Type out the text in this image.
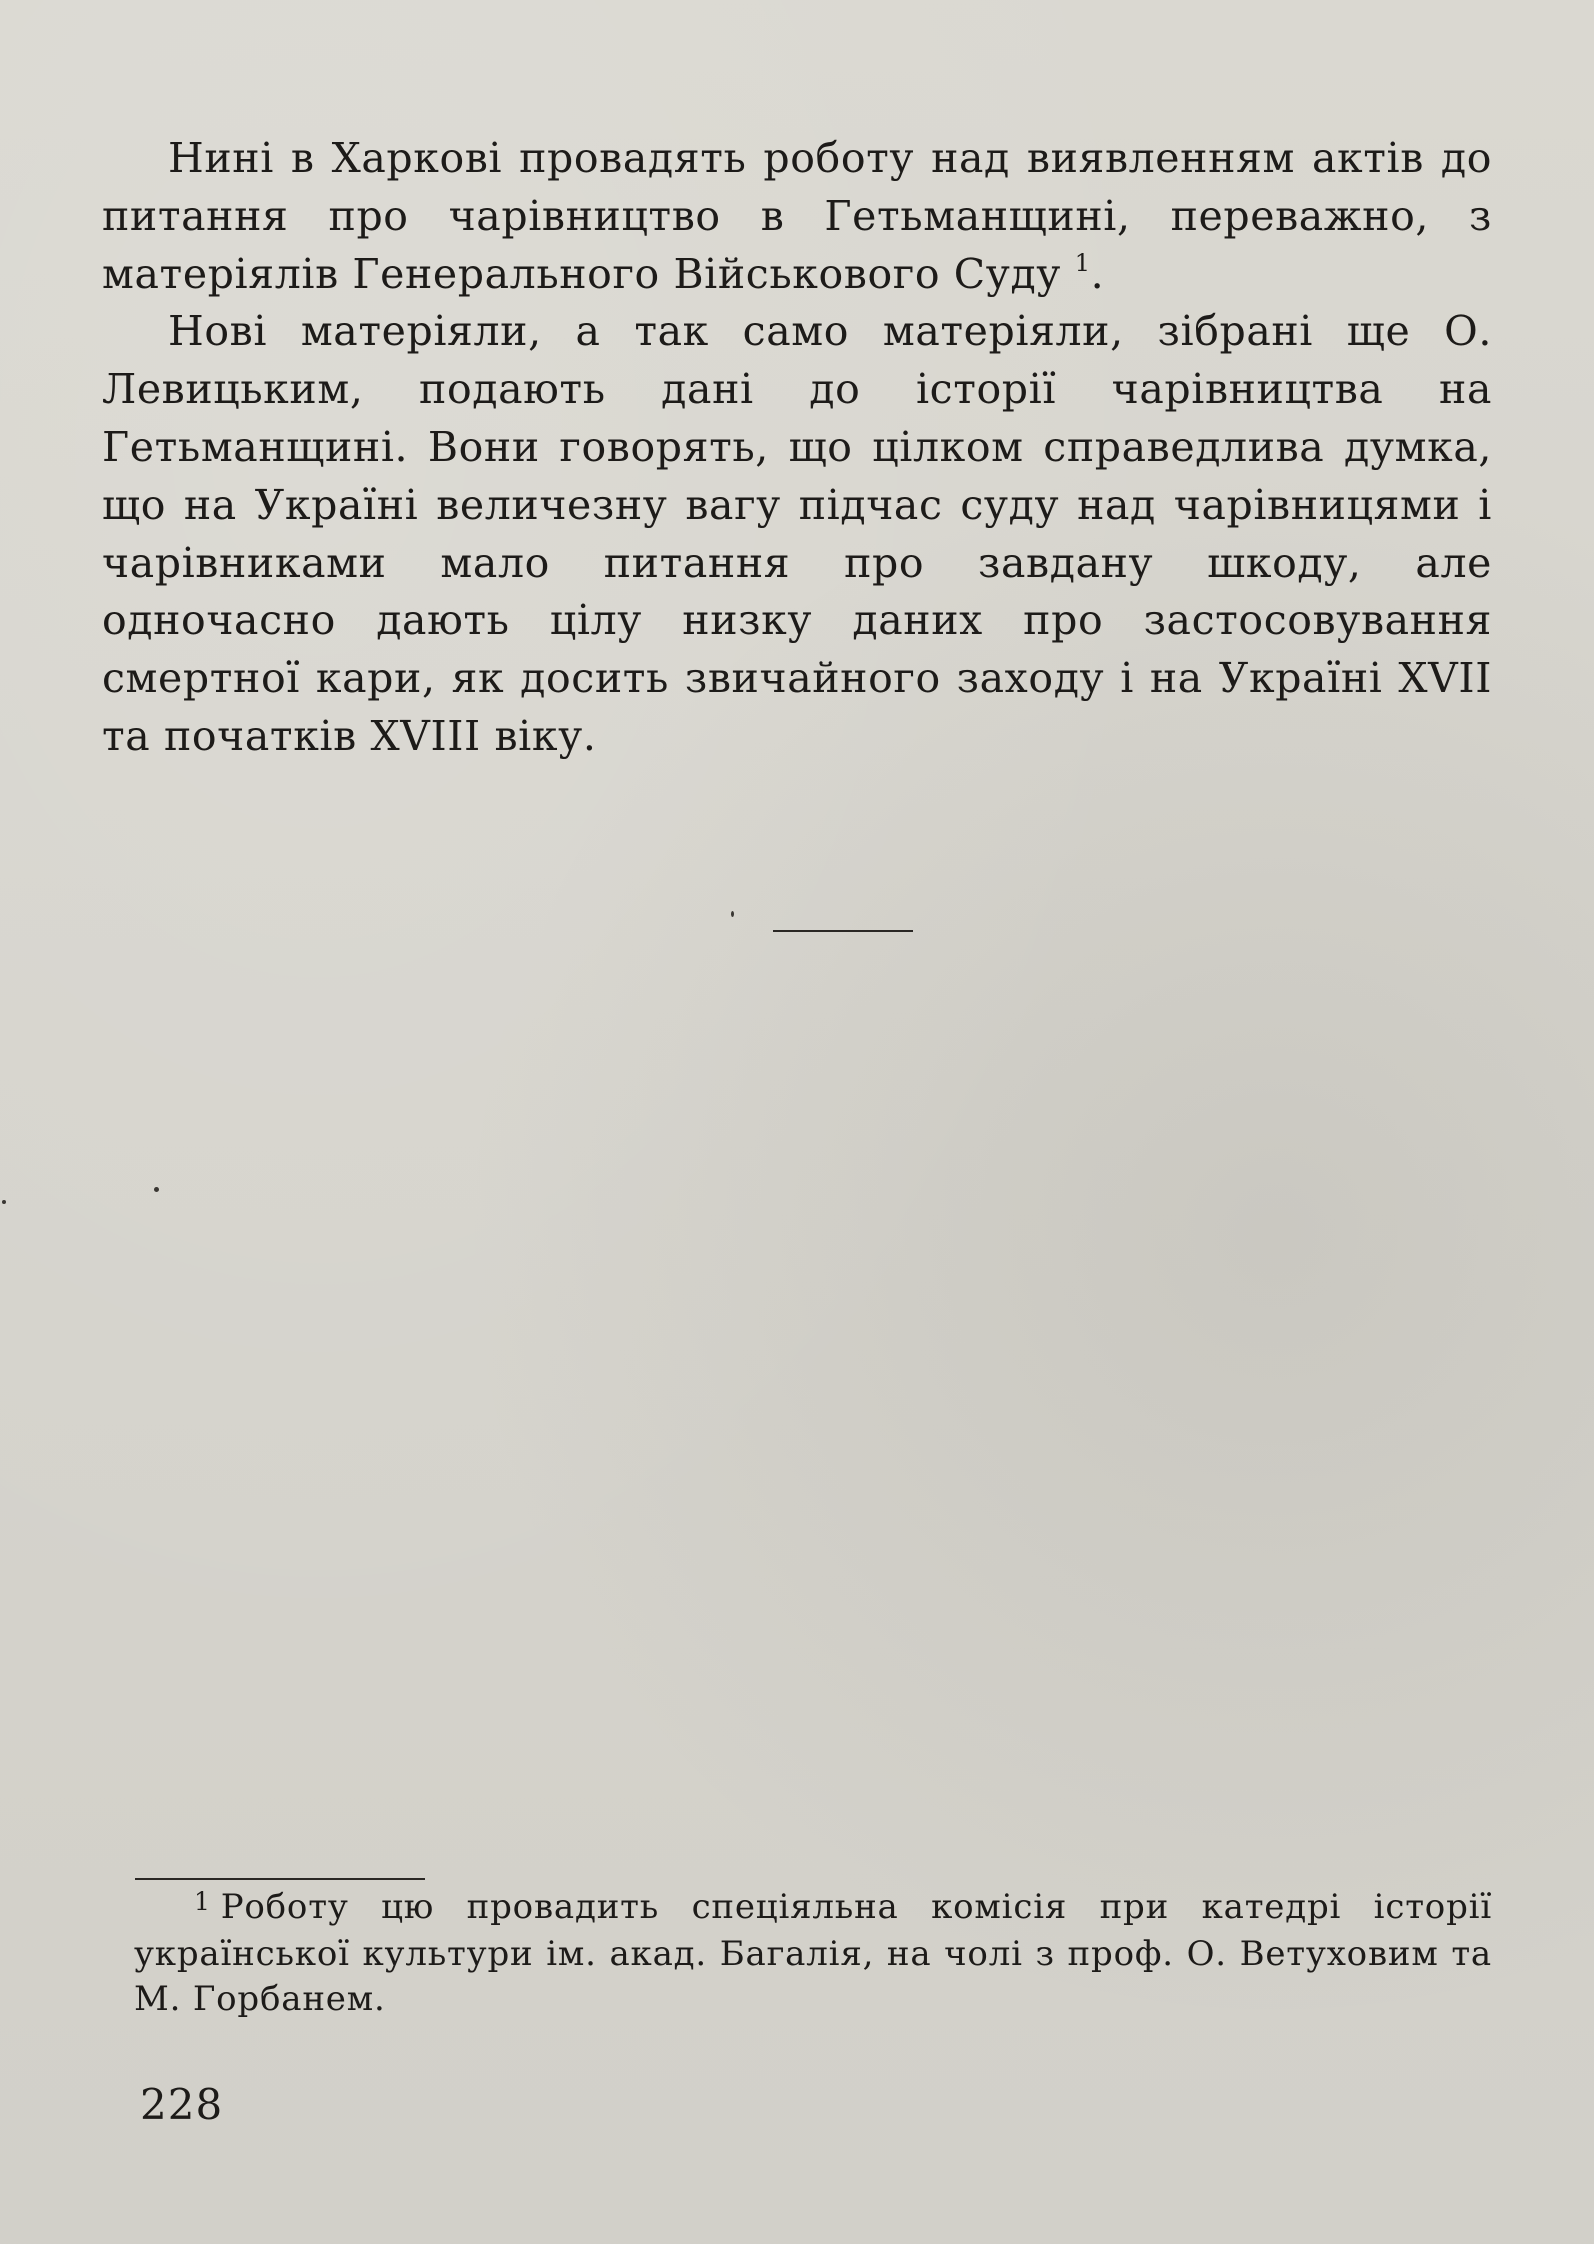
Нині в Харкові провадять роботу над виявленням актів до питання про чарівництво в Гетьманщині, переважно, з матеріялів Генерального Військового Суду $^1$.

Нові матеріяли, а так само матеріяли, зібрані ще О. Левицьким, подають дані до історії чарівництва на Гетьманщині. Вони говорять, що цілком справедлива думка, що на Україні величезну вагу підчас суду над чарівницями і чарівниками мало питання про завдану шкоду, але одночасно дають цілу низку даних про застосовування смертної кари, як досить звичайного заходу і на Україні XVII та початків XVIII віку.

1 Роботу цю провадить спеціяльна комісія при катедрі історії української культури ім. акад. Багалія, на чолі з проф. О. Ветуховим та М. Горбанем.
228
